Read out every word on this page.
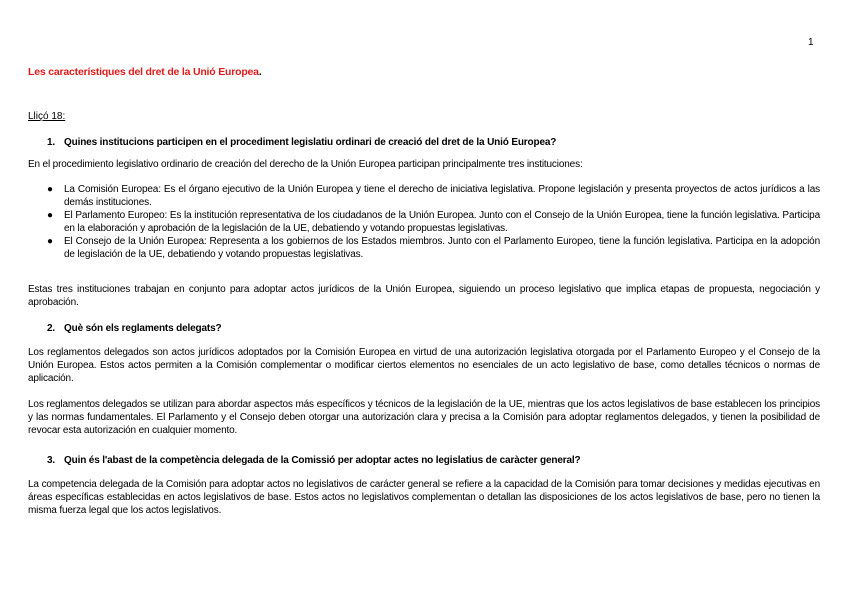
1
Les característiques del dret de la Unió Europea.
Lliçó 18:
1. Quines institucions participen en el procediment legislatiu ordinari de creació del dret de la Unió Europea?
En el procedimiento legislativo ordinario de creación del derecho de la Unión Europea participan principalmente tres instituciones:
● La Comisión Europea: Es el órgano ejecutivo de la Unión Europea y tiene el derecho de iniciativa legislativa. Propone legislación y presenta proyectos de actos jurídicos a las demás instituciones.
● El Parlamento Europeo: Es la institución representativa de los ciudadanos de la Unión Europea. Junto con el Consejo de la Unión Europea, tiene la función legislativa. Participa en la elaboración y aprobación de la legislación de la UE, debatiendo y votando propuestas legislativas.
● El Consejo de la Unión Europea: Representa a los gobiernos de los Estados miembros. Junto con el Parlamento Europeo, tiene la función legislativa. Participa en la adopción de legislación de la UE, debatiendo y votando propuestas legislativas.
Estas tres instituciones trabajan en conjunto para adoptar actos jurídicos de la Unión Europea, siguiendo un proceso legislativo que implica etapas de propuesta, negociación y aprobación.
2. Què són els reglaments delegats?
Los reglamentos delegados son actos jurídicos adoptados por la Comisión Europea en virtud de una autorización legislativa otorgada por el Parlamento Europeo y el Consejo de la Unión Europea. Estos actos permiten a la Comisión complementar o modificar ciertos elementos no esenciales de un acto legislativo de base, como detalles técnicos o normas de aplicación.
Los reglamentos delegados se utilizan para abordar aspectos más específicos y técnicos de la legislación de la UE, mientras que los actos legislativos de base establecen los principios y las normas fundamentales. El Parlamento y el Consejo deben otorgar una autorización clara y precisa a la Comisión para adoptar reglamentos delegados, y tienen la posibilidad de revocar esta autorización en cualquier momento.
3. Quin és l'abast de la competència delegada de la Comissió per adoptar actes no legislatius de caràcter general?
La competencia delegada de la Comisión para adoptar actos no legislativos de carácter general se refiere a la capacidad de la Comisión para tomar decisiones y medidas ejecutivas en áreas específicas establecidas en actos legislativos de base. Estos actos no legislativos complementan o detallan las disposiciones de los actos legislativos de base, pero no tienen la misma fuerza legal que los actos legislativos.
